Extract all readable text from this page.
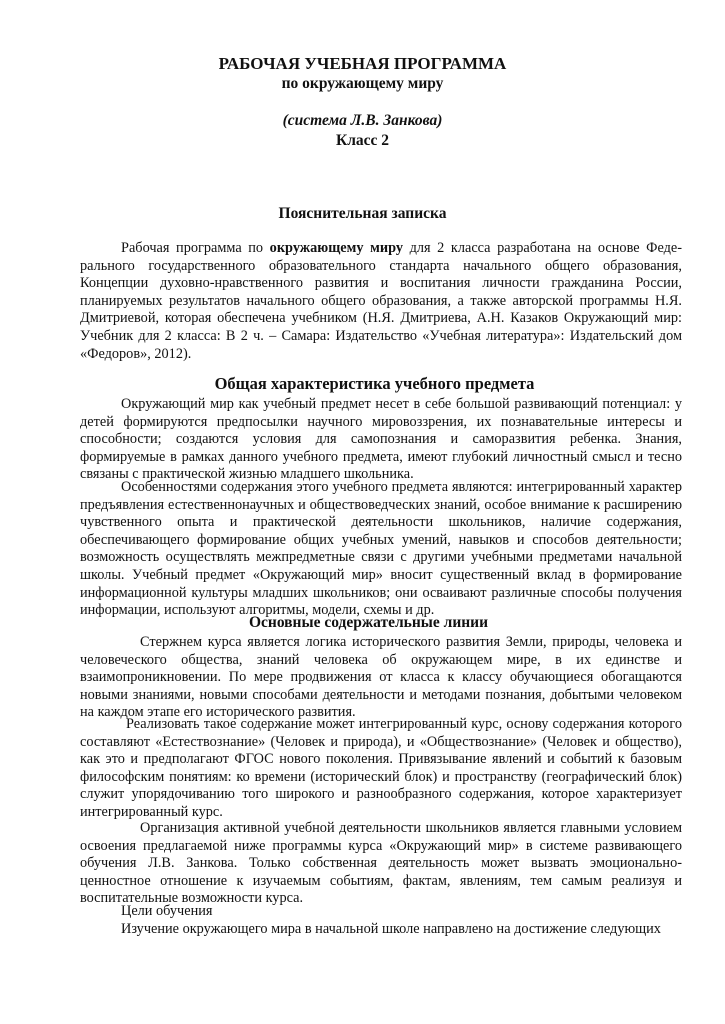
РАБОЧАЯ УЧЕБНАЯ ПРОГРАММА
по окружающему миру
(система Л.В. Занкова)
Класс 2
Пояснительная записка

Рабочая программа по окружающему миру для 2 класса разработана на основе Федерального государственного образовательного стандарта начального общего образования, Концепции духовно-нравственного развития и воспитания личности гражданина России, планируемых результатов начального общего образования, а также авторской программы Н.Я. Дмитриевой, которая обеспечена учебником (Н.Я. Дмитриева, А.Н. Казаков Окружающий мир: Учебник для 2 класса: В 2 ч. – Самара: Издательство «Учебная литература»: Издательский дом «Федоров», 2012).

Общая характеристика учебного предмета

Окружающий мир как учебный предмет несет в себе большой развивающий потенциал: у детей формируются предпосылки научного мировоззрения, их познавательные интересы и способности; создаются условия для самопознания и саморазвития ребенка. Знания, формируемые в рамках данного учебного предмета, имеют глубокий личностный смысл и тесно связаны с практической жизнью младшего школьника.

Особенностями содержания этого учебного предмета являются: интегрированный характер предъявления естественнонаучных и обществоведческих знаний, особое внимание к расширению чувственного опыта и практической деятельности школьников, наличие содержания, обеспечивающего формирование общих учебных умений, навыков и способов деятельности; возможность осуществлять межпредметные связи с другими учебными предметами начальной школы. Учебный предмет «Окружающий мир» вносит существенный вклад в формирование информационной культуры младших школьников; они осваивают различные способы получения информации, используют алгоритмы, модели, схемы и др.

Основные содержательные линии

Стержнем курса является логика исторического развития Земли, природы, человека и человеческого общества, знаний человека об окружающем мире, в их единстве и взаимопроникновении. По мере продвижения от класса к классу обучающиеся обогащаются новыми знаниями, новыми способами деятельности и методами познания, добытыми человеком на каждом этапе его исторического развития.

Реализовать такое содержание может интегрированный курс, основу содержания которого составляют «Естествознание» (Человек и природа), и «Обществознание» (Человек и общество), как это и предполагают ФГОС нового поколения. Привязывание явлений и событий к базовым философским понятиям: ко времени (исторический блок) и пространству (географический блок) служит упорядочиванию того широкого и разнообразного содержания, которое характеризует интегрированный курс.

Организация активной учебной деятельности школьников является главными условием освоения предлагаемой ниже программы курса «Окружающий мир» в системе развивающего обучения Л.В. Занкова. Только собственная деятельность может вызвать эмоционально-ценностное отношение к изучаемым событиям, фактам, явлениям, тем самым реализуя и воспитательные возможности курса.

Цели обучения

Изучение окружающего мира в начальной школе направлено на достижение следующих
